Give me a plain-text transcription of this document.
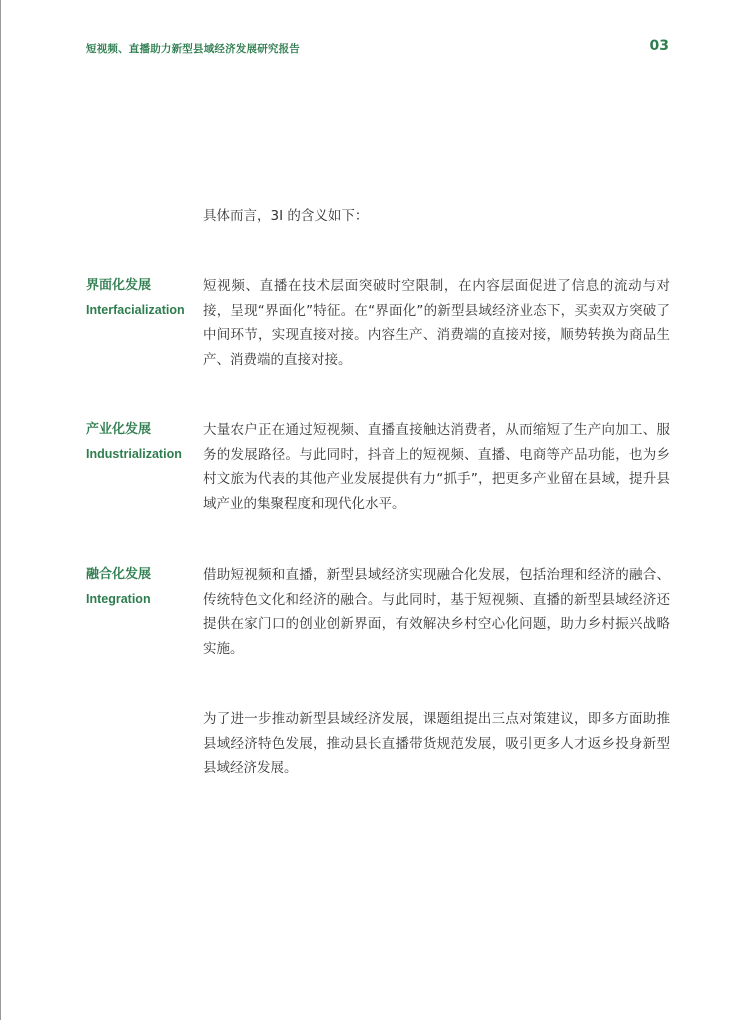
短视频、直播助力新型县域经济发展研究报告	03
具体而言，3I 的含义如下：
界面化发展
Interfacialization
短视频、直播在技术层面突破时空限制，在内容层面促进了信息的流动与对接，呈现“界面化”特征。在“界面化”的新型县域经济业态下，买卖双方突破了中间环节，实现直接对接。内容生产、消费端的直接对接，顺势转换为商品生产、消费端的直接对接。
产业化发展
Industrialization
大量农户正在通过短视频、直播直接触达消费者，从而缩短了生产向加工、服务的发展路径。与此同时，抖音上的短视频、直播、电商等产品功能，也为乡村文旅为代表的其他产业发展提供有力“抓手”，把更多产业留在县域，提升县域产业的集聚程度和现代化水平。
融合化发展
Integration
借助短视频和直播，新型县域经济实现融合化发展，包括治理和经济的融合、传统特色文化和经济的融合。与此同时，基于短视频、直播的新型县域经济还提供在家门口的创业创新界面，有效解决乡村空心化问题，助力乡村振兴战略实施。
为了进一步推动新型县域经济发展，课题组提出三点对策建议，即多方面助推县域经济特色发展，推动县长直播带货规范发展，吸引更多人才返乡投身新型县域经济发展。
